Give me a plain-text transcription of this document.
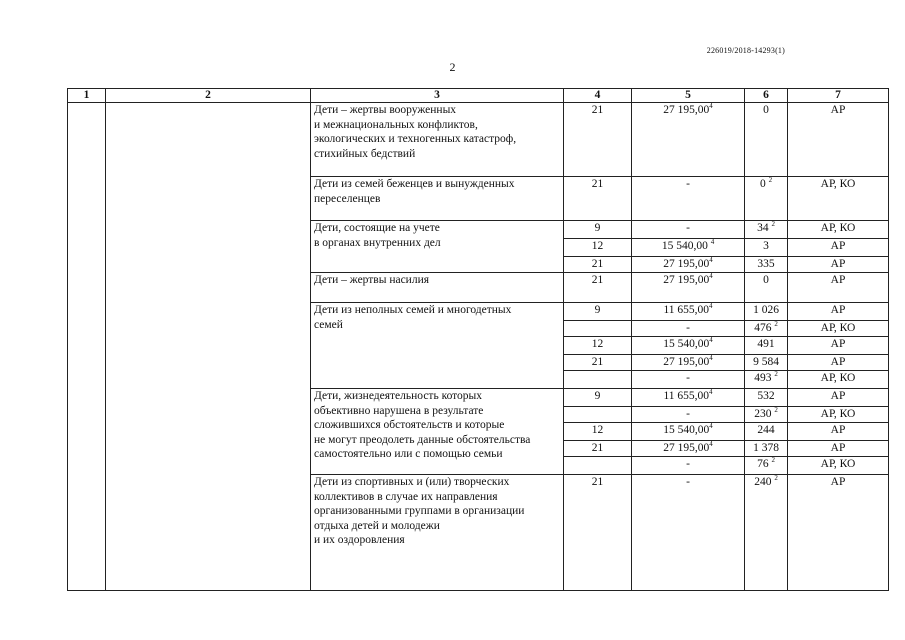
226019/2018-14293(1)
2
1	2	3	4	5	6	7
		Дети – жертвы вооруженных
и межнациональных конфликтов,
экологических и техногенных катастроф,
стихийных бедствий	21	27 195,00$^4$	0	АР
		Дети из семей беженцев и вынужденных
переселенцев	21	-	0 $^2$	АР, КО
		Дети, состоящие на учете
в органах внутренних дел	9	-	34 $^2$	АР, КО
			12	15 540,00 $^4$	3	АР
			21	27 195,00$^4$	335	АР
		Дети – жертвы насилия	21	27 195,00$^4$	0	АР
		Дети из неполных семей и многодетных
семей	9	11 655,00$^4$	1 026	АР
				-	476 $^2$	АР, КО
			12	15 540,00$^4$	491	АР
			21	27 195,00$^4$	9 584	АР
				-	493 $^2$	АР, КО
		Дети, жизнедеятельность которых
объективно нарушена в результате
сложившихся обстоятельств и которые
не могут преодолеть данные обстоятельства
самостоятельно или с помощью семьи	9	11 655,00$^4$	532	АР
				-	230 $^2$	АР, КО
			12	15 540,00$^4$	244	АР
			21	27 195,00$^4$	1 378	АР
				-	76 $^2$	АР, КО
		Дети из спортивных и (или) творческих
коллективов в случае их направления
организованными группами в организации
отдыха детей и молодежи
и их оздоровления	21	-	240 $^2$	АР
